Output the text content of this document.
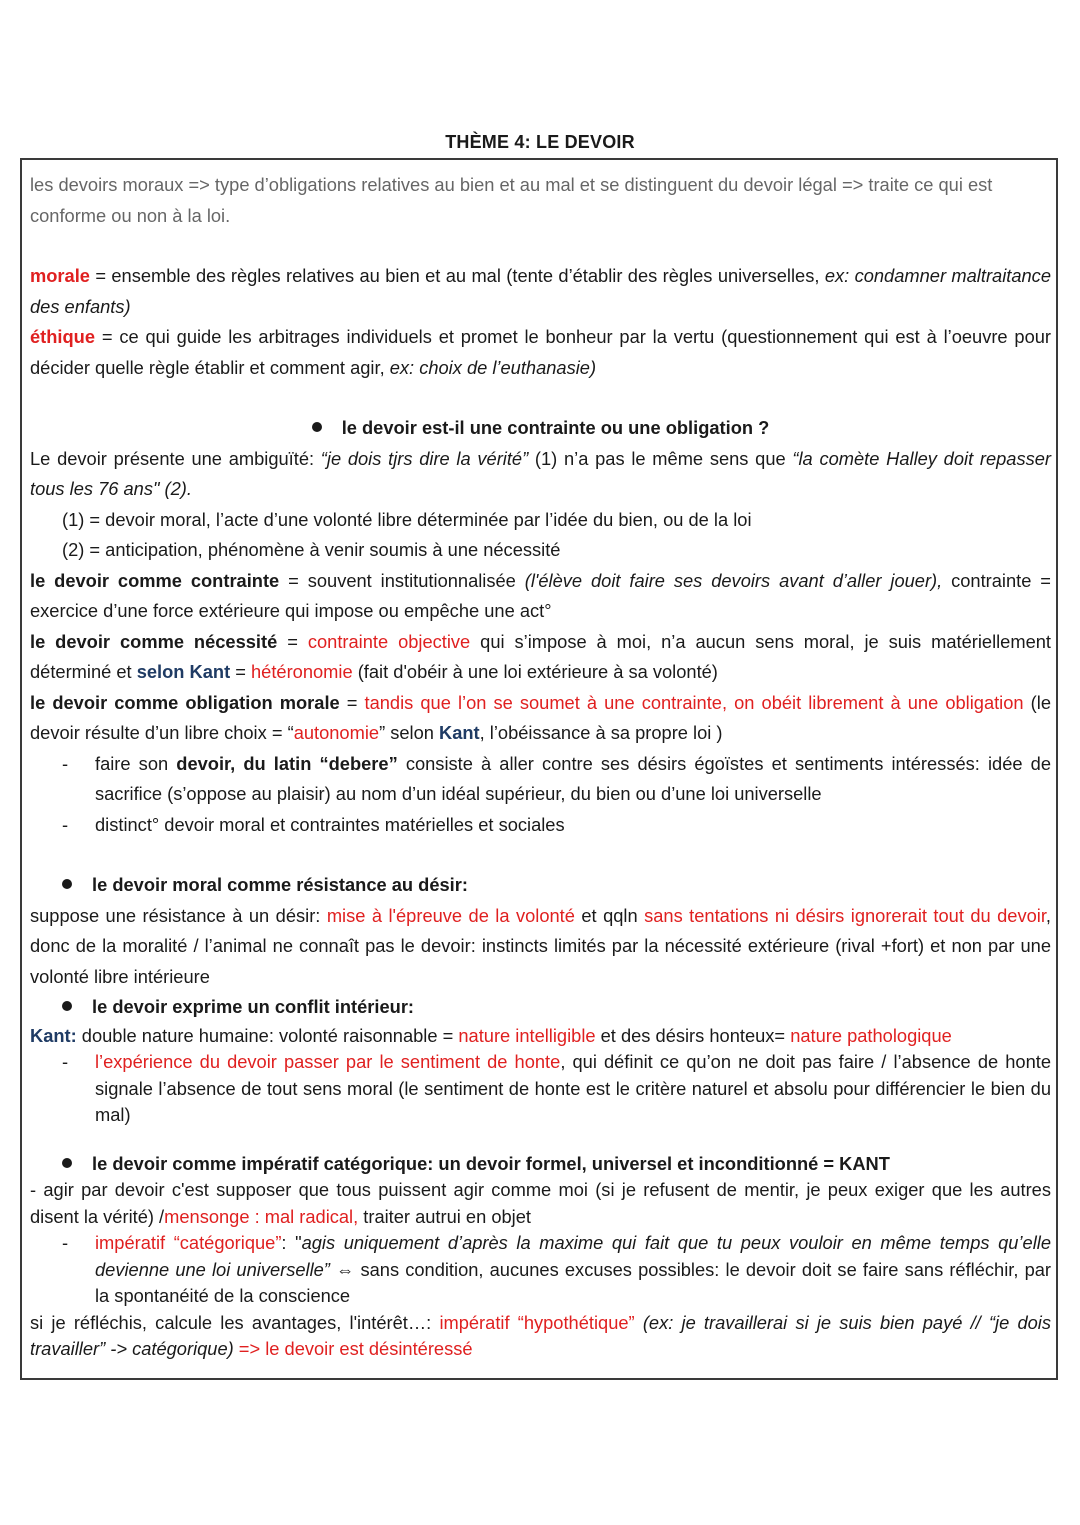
THÈME 4: LE DEVOIR

les devoirs moraux => type d’obligations relatives au bien et au mal et se distinguent du devoir légal => traite ce qui est conforme ou non à la loi.

morale = ensemble des règles relatives au bien et au mal (tente d’établir des règles universelles, ex: condamner maltraitance des enfants)

éthique = ce qui guide les arbitrages individuels et promet le bonheur par la vertu (questionnement qui est à l’oeuvre pour décider quelle règle établir et comment agir, ex: choix de l’euthanasie)

le devoir est-il une contrainte ou une obligation ?

Le devoir présente une ambiguïté: “je dois tjrs dire la vérité” (1) n’a pas le même sens que “la comète Halley doit repasser tous les 76 ans" (2).

(1) = devoir moral, l’acte d’une volonté libre déterminée par l’idée du bien, ou de la loi

(2) = anticipation, phénomène à venir soumis à une nécessité

le devoir comme contrainte = souvent institutionnalisée (l'élève doit faire ses devoirs avant d’aller jouer), contrainte = exercice d’une force extérieure qui impose ou empêche une act°

le devoir comme nécessité = contrainte objective qui s’impose à moi, n’a aucun sens moral, je suis matériellement déterminé et selon Kant = hétéronomie (fait d'obéir à une loi extérieure à sa volonté)

le devoir comme obligation morale = tandis que l’on se soumet à une contrainte, on obéit librement à une obligation (le devoir résulte d’un libre choix = “autonomie” selon Kant, l’obéissance à sa propre loi )

- faire son devoir, du latin “debere” consiste à aller contre ses désirs égoïstes et sentiments intéressés: idée de sacrifice (s’oppose au plaisir) au nom d’un idéal supérieur, du bien ou d’une loi universelle

- distinct° devoir moral et contraintes matérielles et sociales

le devoir moral comme résistance au désir:

suppose une résistance à un désir: mise à l'épreuve de la volonté et qqln sans tentations ni désirs ignorerait tout du devoir, donc de la moralité / l’animal ne connaît pas le devoir: instincts limités par la nécessité extérieure (rival +fort) et non par une volonté libre intérieure

le devoir exprime un conflit intérieur:

Kant: double nature humaine: volonté raisonnable = nature intelligible et des désirs honteux= nature pathologique

- l’expérience du devoir passer par le sentiment de honte, qui définit ce qu’on ne doit pas faire / l’absence de honte signale l’absence de tout sens moral (le sentiment de honte est le critère naturel et absolu pour différencier le bien du mal)

le devoir comme impératif catégorique: un devoir formel, universel et inconditionné = KANT

- agir par devoir c'est supposer que tous puissent agir comme moi (si je refusent de mentir, je peux exiger que les autres disent la vérité) /mensonge : mal radical, traiter autrui en objet

- impératif “catégorique”: "agis uniquement d’après la maxime qui fait que tu peux vouloir en même temps qu’elle devienne une loi universelle” ⇔ sans condition, aucunes excuses possibles: le devoir doit se faire sans réfléchir, par la spontanéité de la conscience

si je réfléchis, calcule les avantages, l'intérêt…: impératif “hypothétique” (ex: je travaillerai si je suis bien payé // “je dois travailler” -> catégorique) => le devoir est désintéressé
